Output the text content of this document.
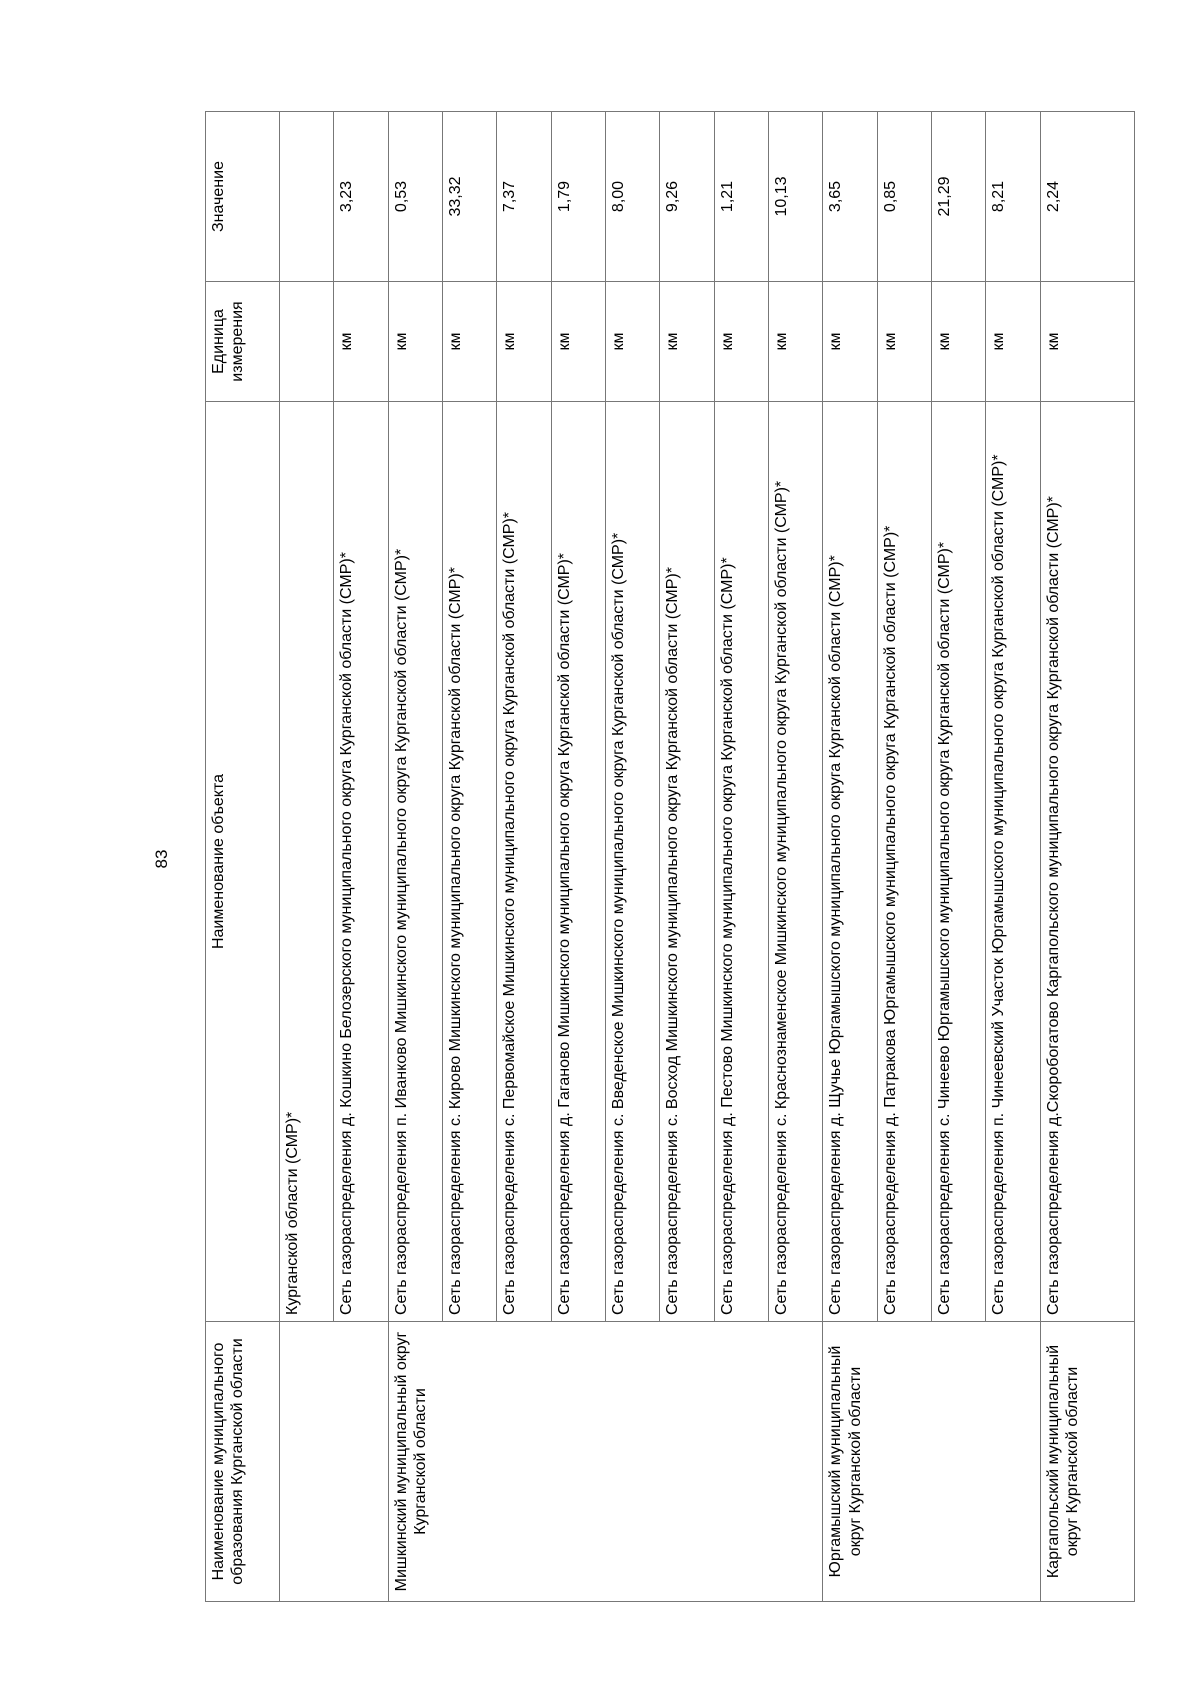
83
Наименование муниципального образования Курганской области	Наименование объекта	Единица измерения	Значение
	Курганской области (СМР)*		
	Сеть газораспределения д. Кошкино Белозерского муниципального округа Курганской области (СМР)*	км	3,23
Мишкинский муниципальный округ Курганской области	Сеть газораспределения п. Иванково Мишкинского муниципального округа Курганской области (СМР)*	км	0,53
	Сеть газораспределения с. Кирово Мишкинского муниципального округа Курганской области (СМР)*	км	33,32
	Сеть газораспределения с. Первомайское Мишкинского муниципального округа Курганской области (СМР)*	км	7,37
	Сеть газораспределения д. Гаганово Мишкинского муниципального округа Курганской области (СМР)*	км	1,79
	Сеть газораспределения с. Введенское Мишкинского муниципального округа Курганской области (СМР)*	км	8,00
	Сеть газораспределения с. Восход Мишкинского муниципального округа Курганской области (СМР)*	км	9,26
	Сеть газораспределения д. Пестово Мишкинского муниципального округа Курганской области (СМР)*	км	1,21
	Сеть газораспределения с. Краснознаменское Мишкинского муниципального округа Курганской области (СМР)*	км	10,13
Юргамышский муниципальный округ Курганской области	Сеть газораспределения д. Щучье Юргамышского муниципального округа Курганской области (СМР)*	км	3,65
	Сеть газораспределения д. Патракова Юргамышского муниципального округа Курганской области (СМР)*	км	0,85
	Сеть газораспределения с. Чинеево Юргамышского муниципального округа Курганской области (СМР)*	км	21,29
	Сеть газораспределения п. Чинеевский Участок Юргамышского муниципального округа Курганской области (СМР)*	км	8,21
Каргапольский муниципальный округ Курганской области	Сеть газораспределения д.Скоробогатово Каргапольского муниципального округа Курганской области (СМР)*	км	2,24
